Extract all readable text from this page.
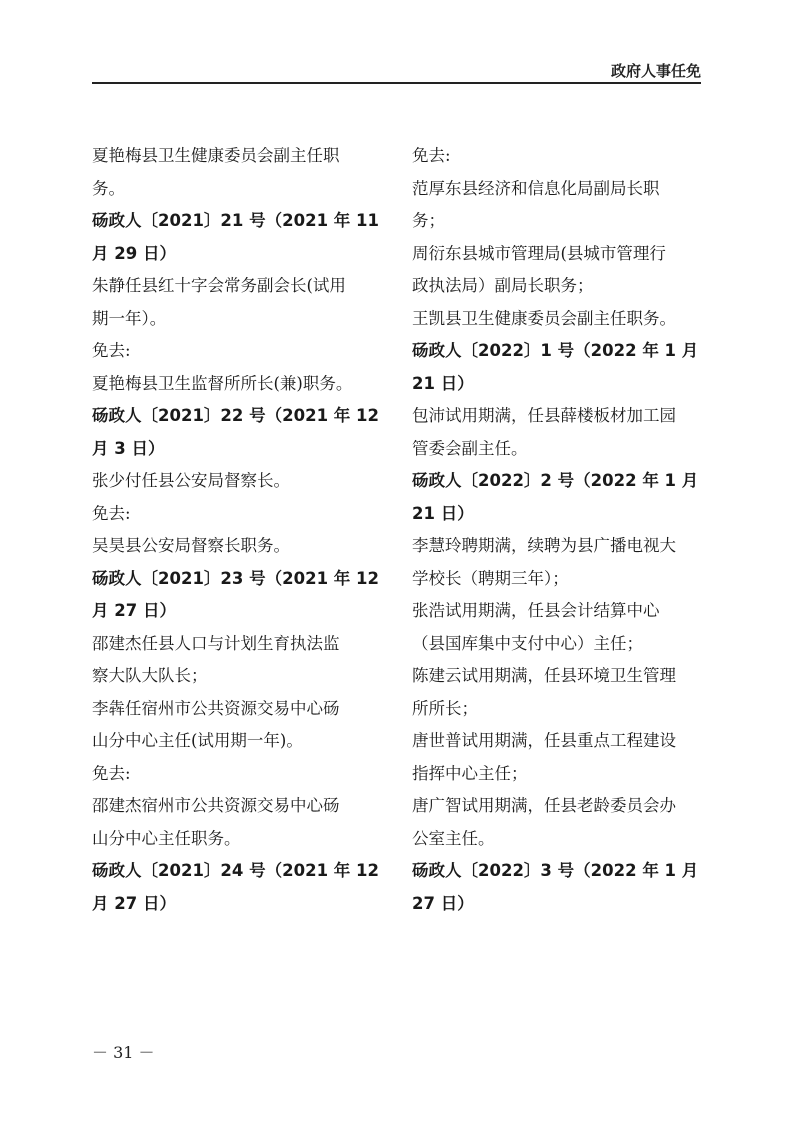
政府人事任免
夏艳梅县卫生健康委员会副主任职
务。
砀政人〔2021〕21 号（2021 年 11
月 29 日）
朱静任县红十字会常务副会长(试用
期一年）。
免去:
夏艳梅县卫生监督所所长(兼)职务。
砀政人〔2021〕22 号（2021 年 12
月 3 日）
张少付任县公安局督察长。
免去:
吴昊县公安局督察长职务。
砀政人〔2021〕23 号（2021 年 12
月 27 日）
邵建杰任县人口与计划生育执法监
察大队大队长；
李犇任宿州市公共资源交易中心砀
山分中心主任(试用期一年)。
免去:
邵建杰宿州市公共资源交易中心砀
山分中心主任职务。
砀政人〔2021〕24 号（2021 年 12
月 27 日）
免去:
范厚东县经济和信息化局副局长职
务；
周衍东县城市管理局(县城市管理行
政执法局）副局长职务；
王凯县卫生健康委员会副主任职务。
砀政人〔2022〕1 号（2022 年 1 月
21 日）
包沛试用期满，任县薛楼板材加工园
管委会副主任。
砀政人〔2022〕2 号（2022 年 1 月
21 日）
李慧玲聘期满，续聘为县广播电视大
学校长（聘期三年）；
张浩试用期满，任县会计结算中心
（县国库集中支付中心）主任；
陈建云试用期满，任县环境卫生管理
所所长；
唐世普试用期满，任县重点工程建设
指挥中心主任；
唐广智试用期满，任县老龄委员会办
公室主任。
砀政人〔2022〕3 号（2022 年 1 月
27 日）
－ 31 －
